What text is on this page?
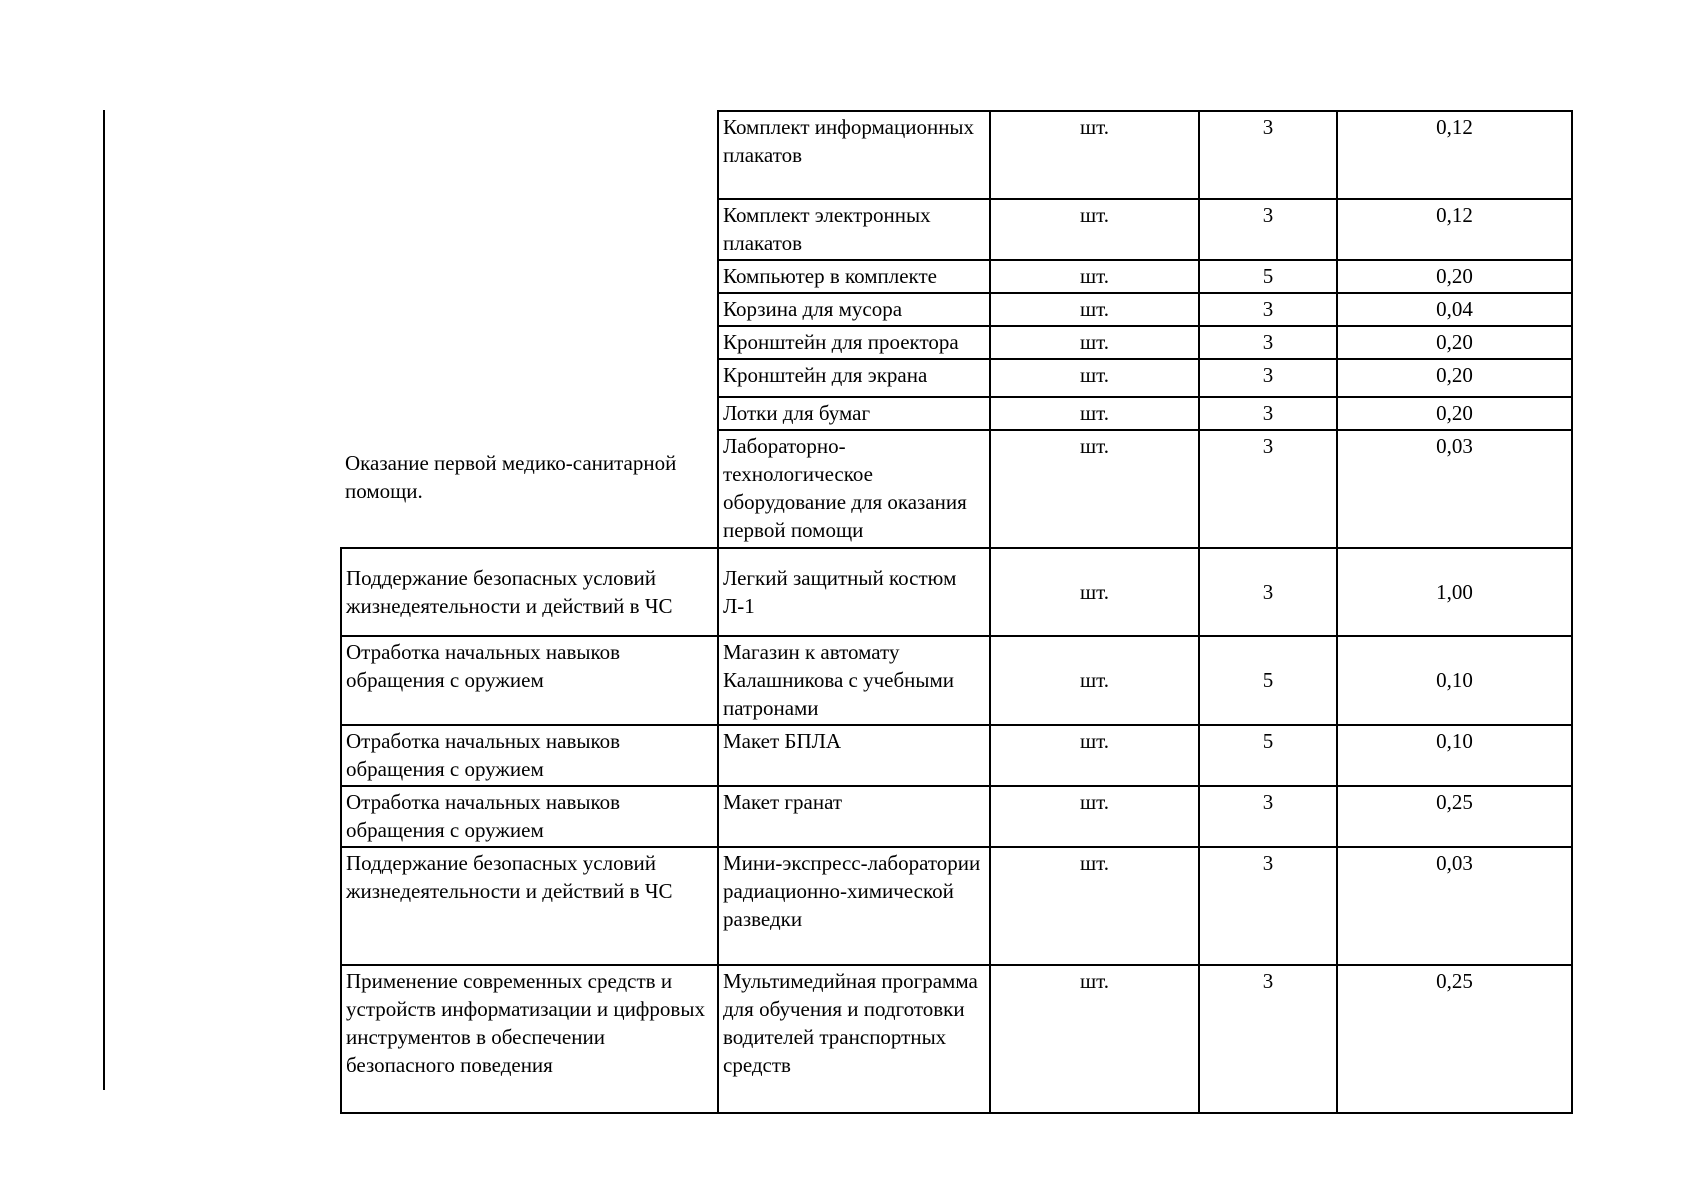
Оказание первой медико-санитарной помощи.	Комплект информационных плакатов	шт.	3	0,12
	Комплект электронных плакатов	шт.	3	0,12
	Компьютер в комплекте	шт.	5	0,20
	Корзина для мусора	шт.	3	0,04
	Кронштейн для проектора	шт.	3	0,20
	Кронштейн для экрана	шт.	3	0,20
	Лотки для бумаг	шт.	3	0,20
	Лабораторно-технологическое оборудование для оказания первой помощи	шт.	3	0,03
Поддержание безопасных условий жизнедеятельности и действий в ЧС	Легкий защитный костюм Л-1	шт.	3	1,00
Отработка начальных навыков обращения с оружием	Магазин к автомату Калашникова с учебными патронами	шт.	5	0,10
Отработка начальных навыков обращения с оружием	Макет БПЛА	шт.	5	0,10
Отработка начальных навыков обращения с оружием	Макет гранат	шт.	3	0,25
Поддержание безопасных условий жизнедеятельности и действий в ЧС	Мини-экспресс-лаборатории радиационно-химической разведки	шт.	3	0,03
Применение современных средств и устройств информатизации и цифровых инструментов в обеспечении безопасного поведения	Мультимедийная программа для обучения и подготовки водителей транспортных средств	шт.	3	0,25
